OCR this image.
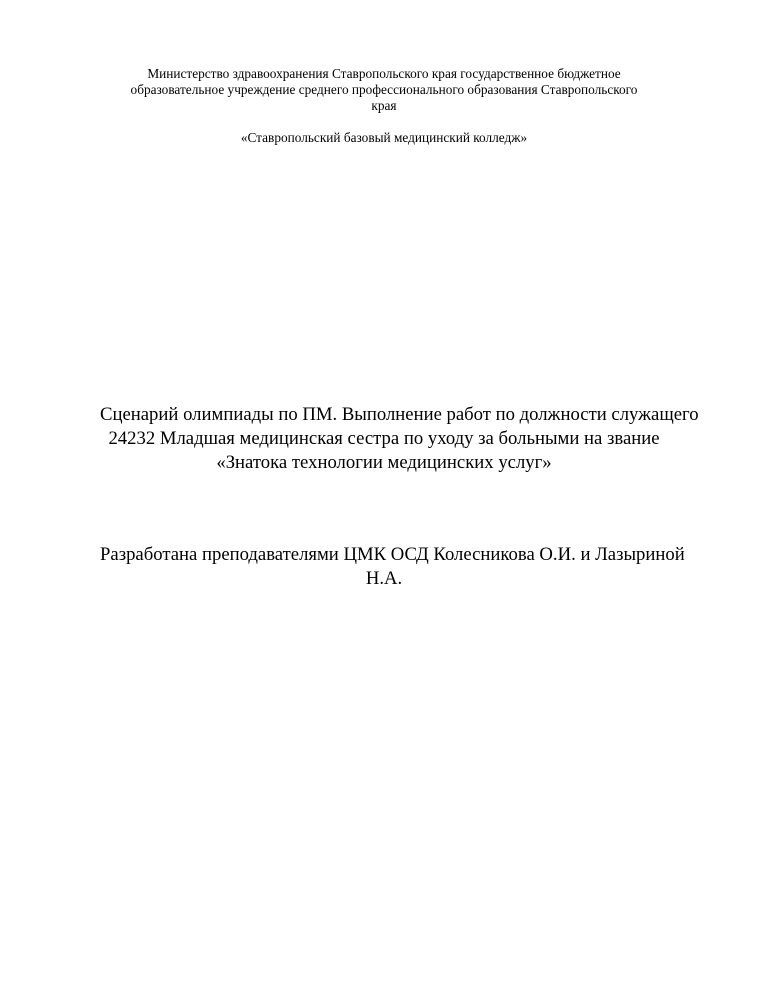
Министерство здравоохранения Ставропольского края государственное бюджетное
образовательное учреждение среднего профессионального образования Ставропольского
края

«Ставропольский базовый медицинский колледж»

Сценарий олимпиады по ПМ. Выполнение работ по должности служащего
24232 Младшая медицинская сестра по уходу за больными на звание
«Знатока технологии медицинских услуг»

Разработана преподавателями ЦМК ОСД Колесникова О.И. и Лазыриной
Н.А.
